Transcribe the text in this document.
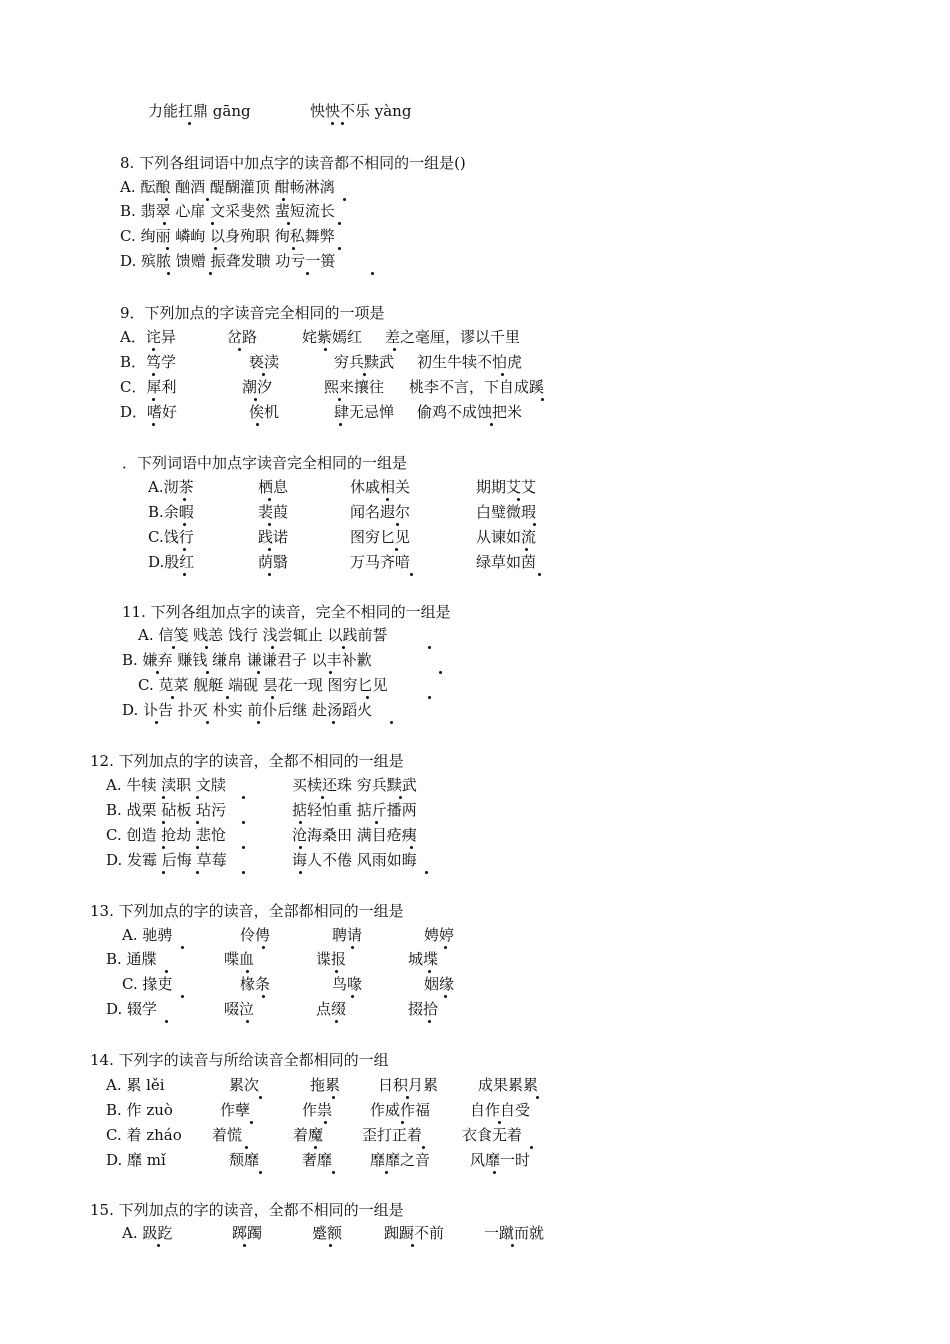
力能扛鼎 gāng	怏怏不乐 yàng
8. 下列各组词语中加点字的读音都不相同的一组是()
A. 酝酿 酗酒 醍醐灌顶 酣畅淋漓
B. 翡翠 心扉 文采斐然 蜚短流长
C. 绚丽 嶙峋 以身殉职 徇私舞弊
D. 殡脓 馈赠 振聋发聩 功亏一篑
9．下列加点的字读音完全相同的一项是
A．诧异	岔路	姹紫嫣红 差之毫厘，谬以千里
B．笃学	亵渎	穷兵黩武 初生牛犊不怕虎
C．犀利	潮汐	熙来攘往 桃李不言，下自成蹊
D．嗜好	俟机	肆无忌惮 偷鸡不成蚀把米
．下列词语中加点字读音完全相同的一组是
A.沏茶	栖息	休戚相关	期期艾艾
B.余暇	裴葭	闻名遐尔	白璧微瑕
C.饯行	践诺	图穷匕见	从谏如流
D.殷红	荫翳	万马齐喑	绿草如茵
11. 下列各组加点字的读音，完全不相同的一组是
A. 信笺 贱恙 饯行 浅尝辄止 以践前誓
B. 嫌弃 赚钱 缣帛 谦谦君子 以丰补歉
C. 苋菜 舰艇 端砚 昙花一现 图穷匕见
D. 讣告 扑灭 朴实 前仆后继 赴汤蹈火
12. 下列加点的字的读音，全都不相同的一组是
A. 牛犊 渎职 文牍	买椟还珠 穷兵黩武
B. 战栗 砧板 玷污	掂轻怕重 掂斤播两
C. 创造 抢劫 悲怆	沧海桑田 满目疮痍
D. 发霉 后悔 草莓	诲人不倦 风雨如晦
13. 下列加点的字的读音，全部都相同的一组是
A. 驰骋	伶俜	聘请	娉婷
B. 通牒	喋血	谍报	城堞
C. 掾吏	椽条	鸟喙	姻缘
D. 辍学	啜泣	点缀	掇拾
14. 下列字的读音与所给读音全都相同的一组
A. 累 lěi	累次	拖累	日积月累	成果累累
B. 作 zuò	作孽	作祟	作威作福	自作自受
C. 着 zháo 着慌	着魔	歪打正着	衣食无着
D. 靡 mǐ	颓靡	奢靡	靡靡之音	风靡一时
15. 下列加点的字的读音，全都不相同的一组是
A. 趿趷	踯躅	蹙额	踟蹰不前	一蹴而就
